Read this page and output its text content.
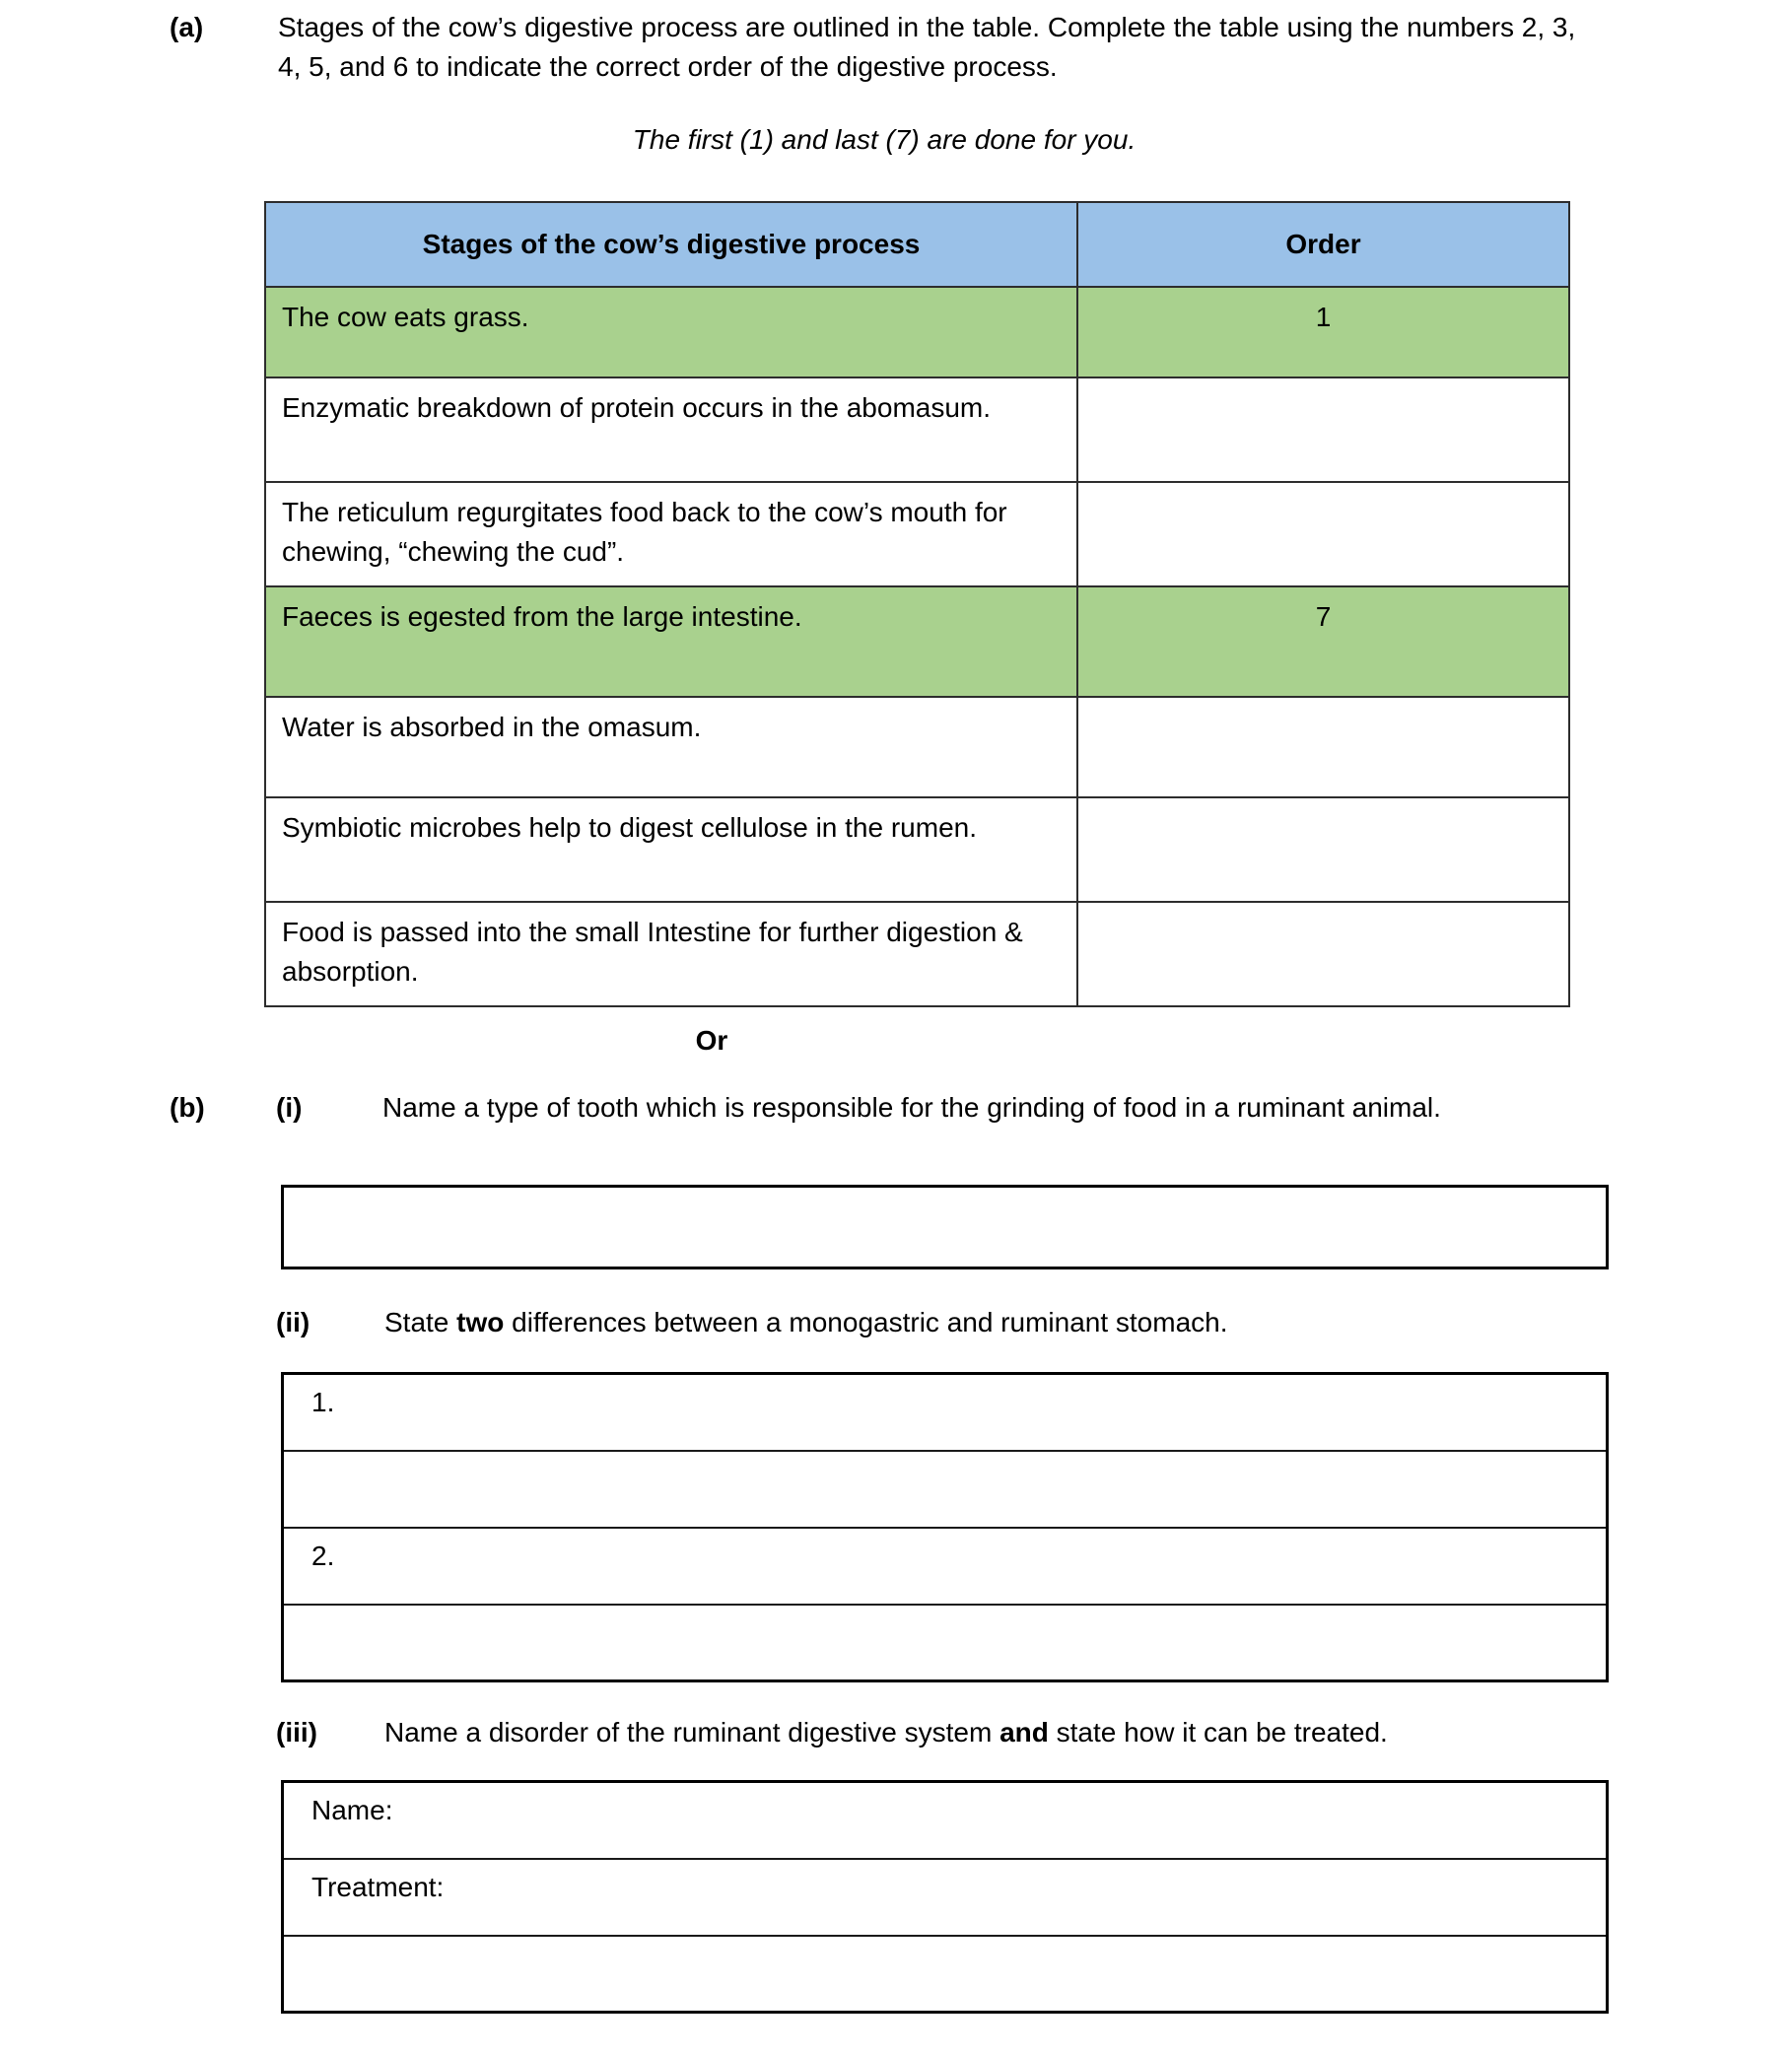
(a)	Stages of the cow’s digestive process are outlined in the table. Complete the table using the numbers 2, 3, 4, 5, and 6 to indicate the correct order of the digestive process.
The first (1) and last (7) are done for you.
Stages of the cow’s digestive process	Order
The cow eats grass.	1
Enzymatic breakdown of protein occurs in the abomasum.	
The reticulum regurgitates food back to the cow’s mouth for chewing, “chewing the cud”.	
Faeces is egested from the large intestine.	7
Water is absorbed in the omasum.	
Symbiotic microbes help to digest cellulose in the rumen.	
Food is passed into the small Intestine for further digestion & absorption.	
Or
(b)	(i)	Name a type of tooth which is responsible for the grinding of food in a ruminant animal.
(ii)	State two differences between a monogastric and ruminant stomach.
1.

2.

(iii)	Name a disorder of the ruminant digestive system and state how it can be treated.
Name:
Treatment:
